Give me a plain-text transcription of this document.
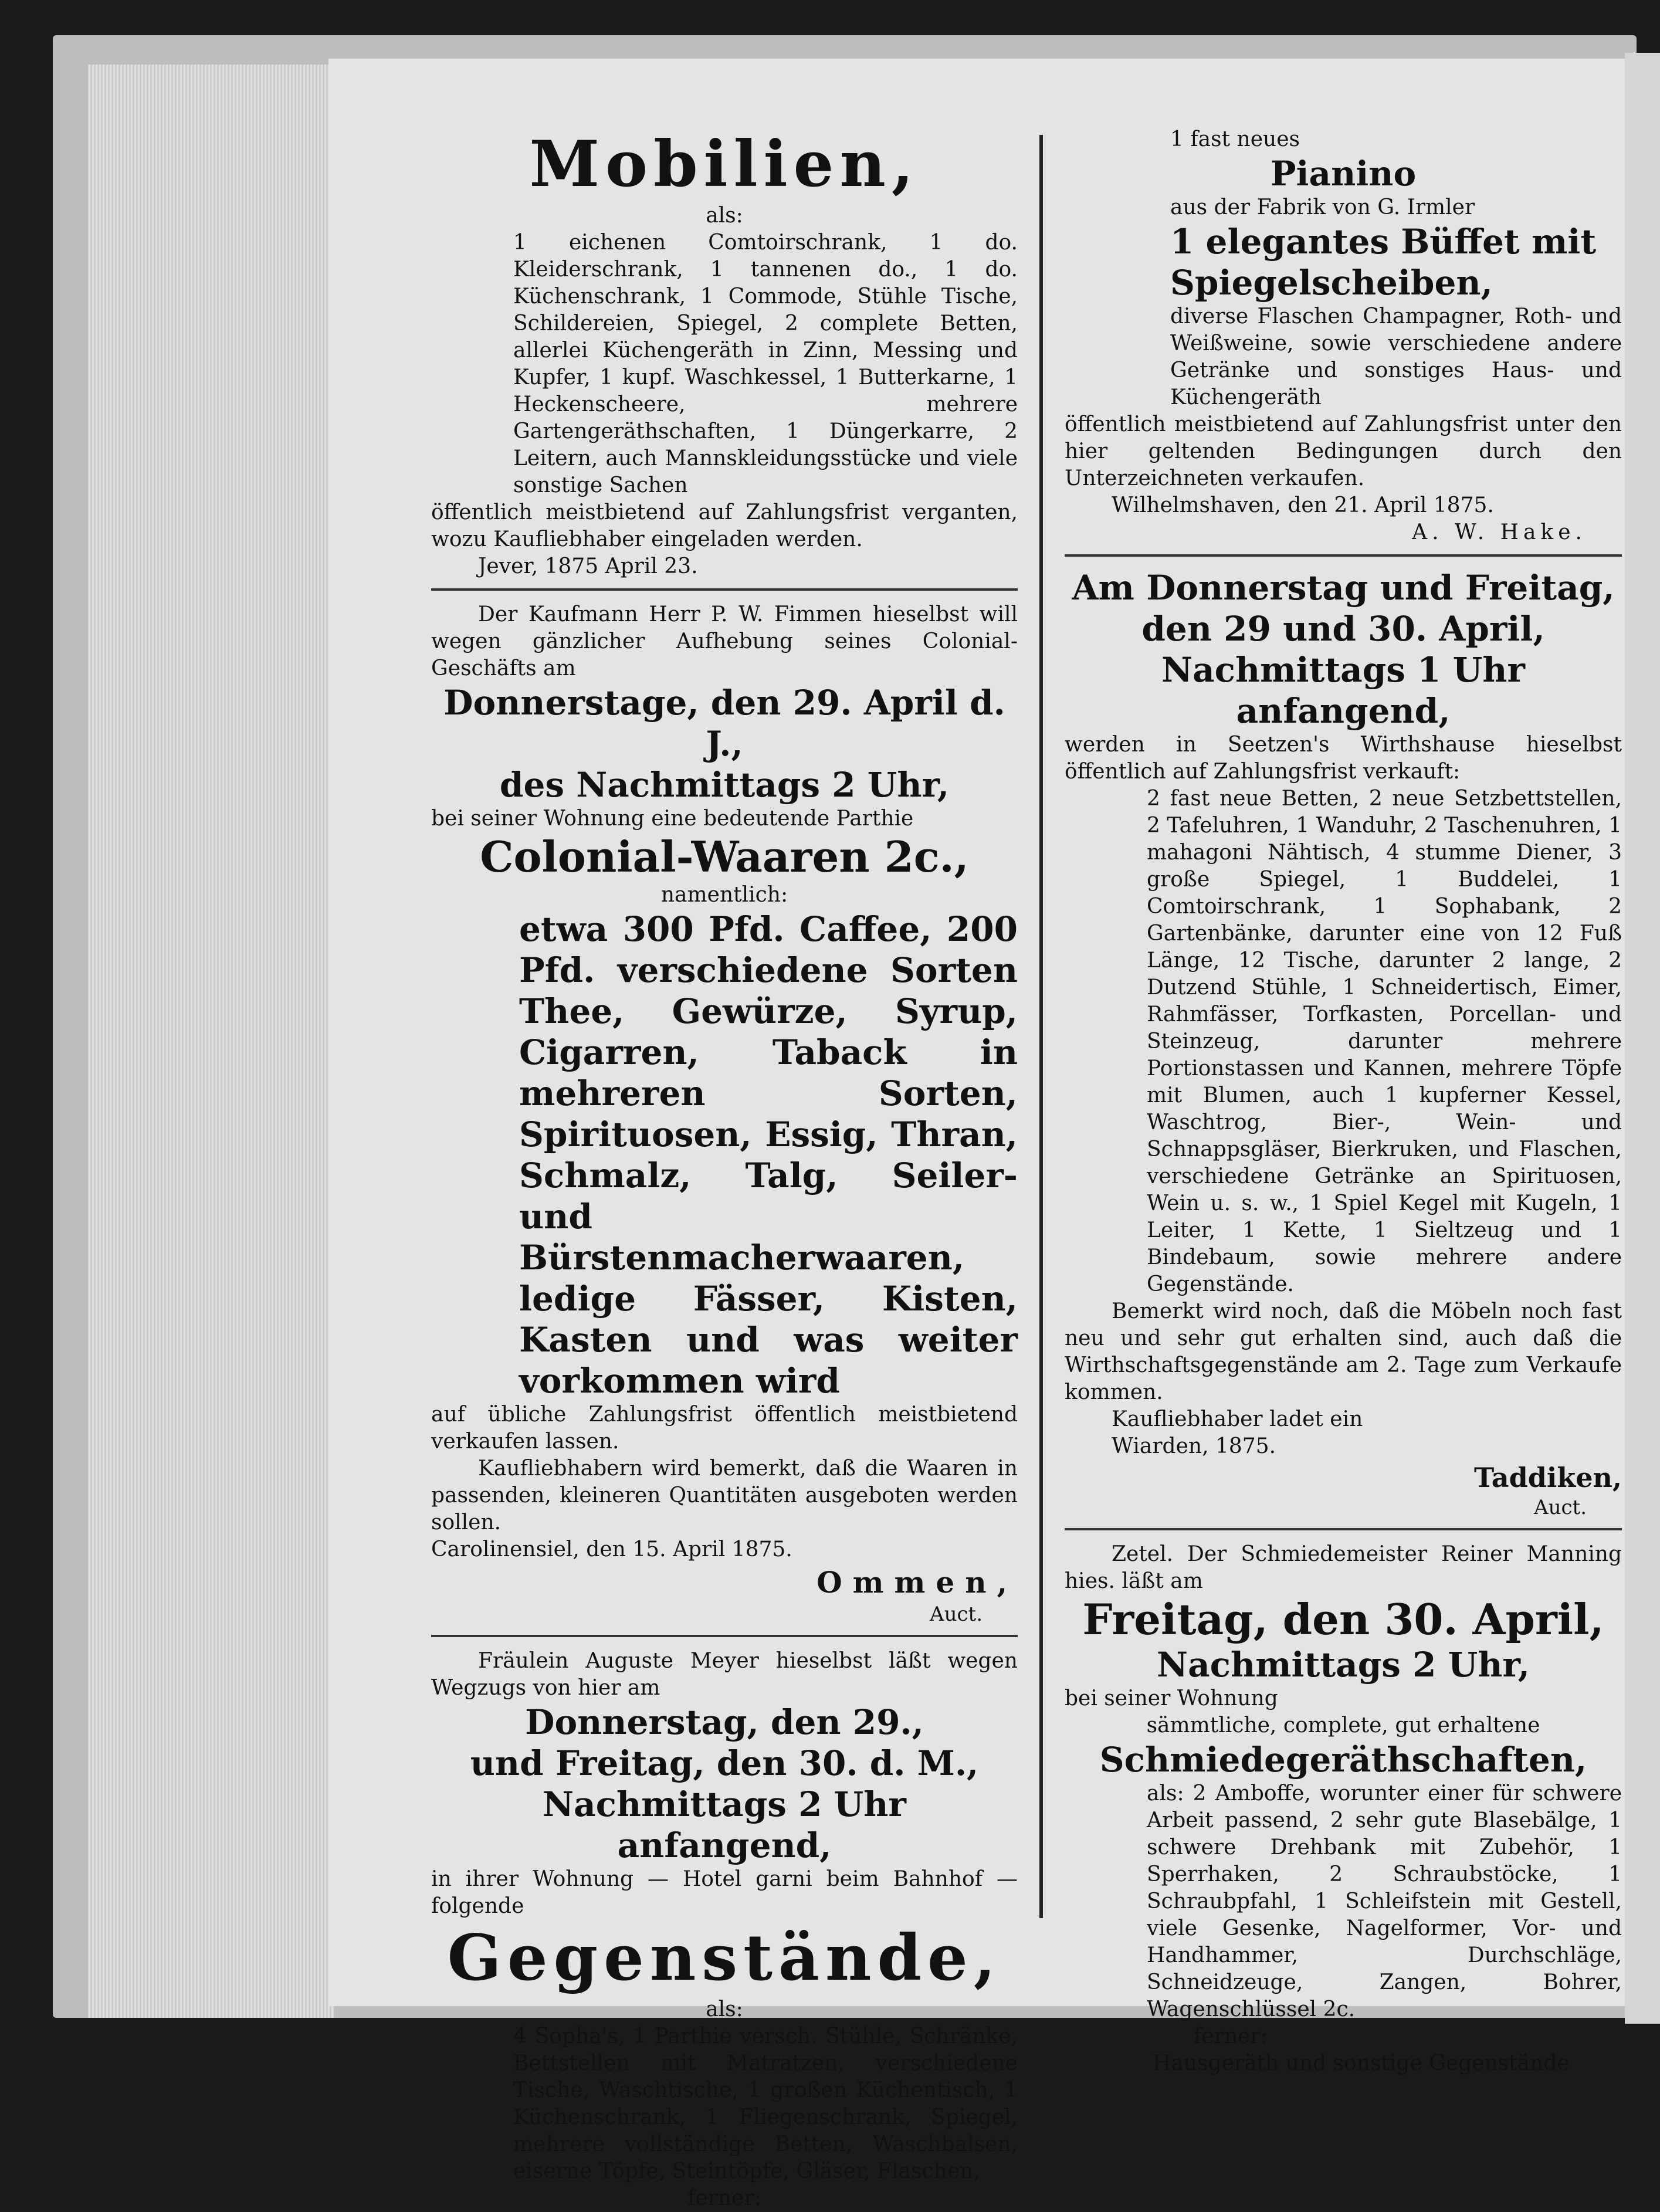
Mobilien,

als:

1 eichenen Comtoirschrank, 1 do. Kleiderschrank, 1 tannenen do., 1 do. Küchenschrank, 1 Commode, Stühle Tische, Schildereien, Spiegel, 2 complete Betten, allerlei Küchengeräth in Zinn, Messing und Kupfer, 1 kupf. Waschkessel, 1 Butterkarne, 1 Heckenscheere, mehrere Gartengeräthschaften, 1 Düngerkarre, 2 Leitern, auch Mannskleidungsstücke und viele sonstige Sachen

öffentlich meistbietend auf Zahlungsfrist verganten, wozu Kaufliebhaber eingeladen werden.

Jever, 1875 April 23.

Der Kaufmann Herr P. W. Fimmen hieselbst will wegen gänzlicher Aufhebung seines Colonial-Geschäfts am

Donnerstage, den 29. April d. J.,

des Nachmittags 2 Uhr,

bei seiner Wohnung eine bedeutende Parthie

Colonial-Waaren 2c.,

namentlich:

etwa 300 Pfd. Caffee, 200 Pfd. verschiedene Sorten Thee, Gewürze, Syrup, Cigarren, Taback in mehreren Sorten, Spirituosen, Essig, Thran, Schmalz, Talg, Seiler- und Bürstenmacherwaaren, ledige Fässer, Kisten, Kasten und was weiter vorkommen wird

auf übliche Zahlungsfrist öffentlich meistbietend verkaufen lassen.

Kaufliebhabern wird bemerkt, daß die Waaren in passenden, kleineren Quantitäten ausgeboten werden sollen.

Carolinensiel, den 15. April 1875.

Ommen,

Auct.

Fräulein Auguste Meyer hieselbst läßt wegen Wegzugs von hier am

Donnerstag, den 29.,

und Freitag, den 30. d. M.,

Nachmittags 2 Uhr anfangend,

in ihrer Wohnung — Hotel garni beim Bahnhof — folgende

Gegenstände,

als:

4 Sopha's, 1 Parthie versch. Stühle, Schränke, Bettstellen mit Matratzen, verschiedene Tische, Waschtische, 1 großen Küchentisch, 1 Küchenschrank, 1 Fliegenschrank, Spiegel, mehrere vollständige Betten, Waschbalsen, eiserne Töpfe, Steintöpfe, Gläser, Flaschen,

ferner:

1 fast neues

Pianino

aus der Fabrik von G. Irmler

1 elegantes Büffet mit Spiegelscheiben,

diverse Flaschen Champagner, Roth- und Weißweine, sowie verschiedene andere Getränke und sonstiges Haus- und Küchengeräth

öffentlich meistbietend auf Zahlungsfrist unter den hier geltenden Bedingungen durch den Unterzeichneten verkaufen.

Wilhelmshaven, den 21. April 1875.

A. W. Hake.

Am Donnerstag und Freitag,

den 29 und 30. April,

Nachmittags 1 Uhr anfangend,

werden in Seetzen's Wirthshause hieselbst öffentlich auf Zahlungsfrist verkauft:

2 fast neue Betten, 2 neue Setzbettstellen, 2 Tafeluhren, 1 Wanduhr, 2 Taschenuhren, 1 mahagoni Nähtisch, 4 stumme Diener, 3 große Spiegel, 1 Buddelei, 1 Comtoirschrank, 1 Sophabank, 2 Gartenbänke, darunter eine von 12 Fuß Länge, 12 Tische, darunter 2 lange, 2 Dutzend Stühle, 1 Schneidertisch, Eimer, Rahmfässer, Torfkasten, Porcellan- und Steinzeug, darunter mehrere Portionstassen und Kannen, mehrere Töpfe mit Blumen, auch 1 kupferner Kessel, Waschtrog, Bier-, Wein- und Schnappsgläser, Bierkruken, und Flaschen, verschiedene Getränke an Spirituosen, Wein u. s. w., 1 Spiel Kegel mit Kugeln, 1 Leiter, 1 Kette, 1 Sieltzeug und 1 Bindebaum, sowie mehrere andere Gegenstände.

Bemerkt wird noch, daß die Möbeln noch fast neu und sehr gut erhalten sind, auch daß die Wirthschaftsgegenstände am 2. Tage zum Verkaufe kommen.

Kaufliebhaber ladet ein

Wiarden, 1875.

Taddiken,

Auct.

Zetel. Der Schmiedemeister Reiner Manning hies. läßt am

Freitag, den 30. April,

Nachmittags 2 Uhr,

bei seiner Wohnung

sämmtliche, complete, gut erhaltene

Schmiedegeräthschaften,

als: 2 Amboffe, worunter einer für schwere Arbeit passend, 2 sehr gute Blasebälge, 1 schwere Drehbank mit Zubehör, 1 Sperrhaken, 2 Schraubstöcke, 1 Schraubpfahl, 1 Schleifstein mit Gestell, viele Gesenke, Nagelformer, Vor- und Handhammer, Durchschläge, Schneidzeuge, Zangen, Bohrer, Wagenschlüssel 2c.

ferner:

Hausgeräth und sonstige Gegenstände
